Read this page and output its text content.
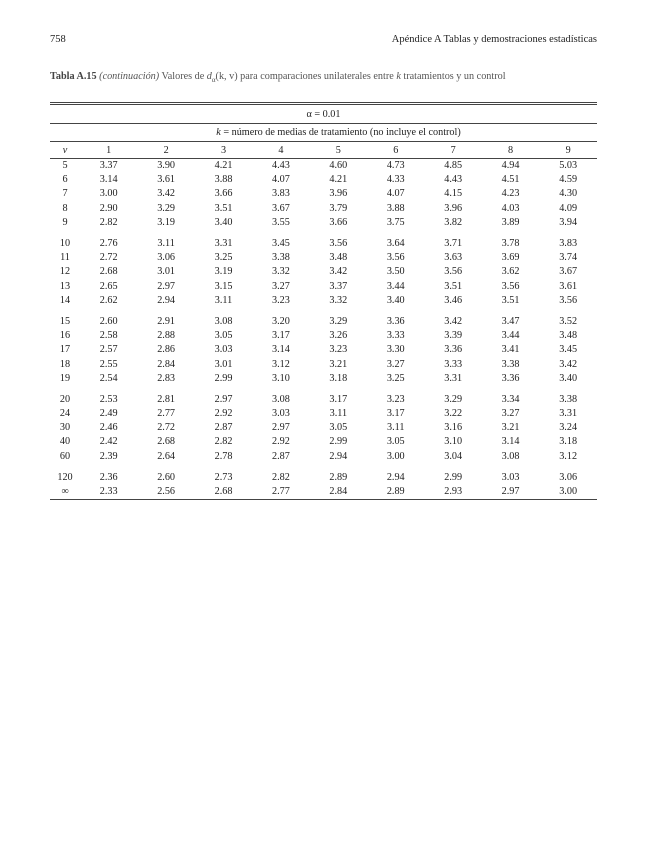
758	Apéndice A Tablas y demostraciones estadísticas
Tabla A.15 (continuación) Valores de $d_\alpha(k$, v) para comparaciones unilaterales entre k tratamientos y un control
α = 0.01									
	k = número de medias de tratamiento (no incluye el control)								
v	1	2	3	4	5	6	7	8	9
5	3.37	3.90	4.21	4.43	4.60	4.73	4.85	4.94	5.03
6	3.14	3.61	3.88	4.07	4.21	4.33	4.43	4.51	4.59
7	3.00	3.42	3.66	3.83	3.96	4.07	4.15	4.23	4.30
8	2.90	3.29	3.51	3.67	3.79	3.88	3.96	4.03	4.09
9	2.82	3.19	3.40	3.55	3.66	3.75	3.82	3.89	3.94

10	2.76	3.11	3.31	3.45	3.56	3.64	3.71	3.78	3.83
11	2.72	3.06	3.25	3.38	3.48	3.56	3.63	3.69	3.74
12	2.68	3.01	3.19	3.32	3.42	3.50	3.56	3.62	3.67
13	2.65	2.97	3.15	3.27	3.37	3.44	3.51	3.56	3.61
14	2.62	2.94	3.11	3.23	3.32	3.40	3.46	3.51	3.56

15	2.60	2.91	3.08	3.20	3.29	3.36	3.42	3.47	3.52
16	2.58	2.88	3.05	3.17	3.26	3.33	3.39	3.44	3.48
17	2.57	2.86	3.03	3.14	3.23	3.30	3.36	3.41	3.45
18	2.55	2.84	3.01	3.12	3.21	3.27	3.33	3.38	3.42
19	2.54	2.83	2.99	3.10	3.18	3.25	3.31	3.36	3.40

20	2.53	2.81	2.97	3.08	3.17	3.23	3.29	3.34	3.38
24	2.49	2.77	2.92	3.03	3.11	3.17	3.22	3.27	3.31
30	2.46	2.72	2.87	2.97	3.05	3.11	3.16	3.21	3.24
40	2.42	2.68	2.82	2.92	2.99	3.05	3.10	3.14	3.18
60	2.39	2.64	2.78	2.87	2.94	3.00	3.04	3.08	3.12

120	2.36	2.60	2.73	2.82	2.89	2.94	2.99	3.03	3.06
∞	2.33	2.56	2.68	2.77	2.84	2.89	2.93	2.97	3.00
